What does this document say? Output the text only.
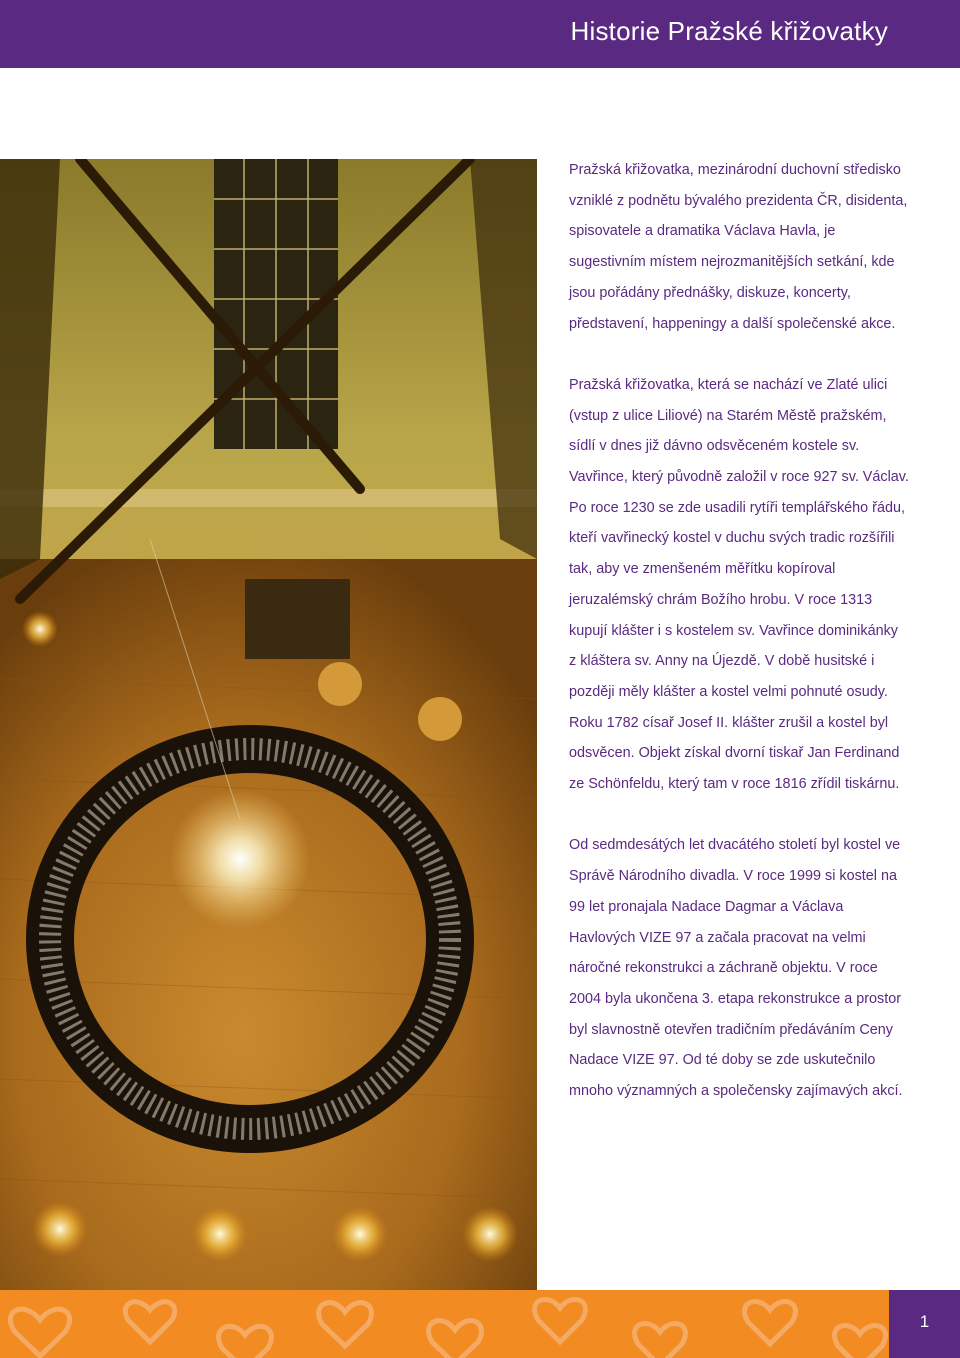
Historie Pražské křižovatky

Pražská křižovatka, mezinárodní duchovní středisko vzniklé z podnětu bývalého prezidenta ČR, disidenta, spisovatele a dramatika Václava Havla, je sugestivním místem nejrozmanitějších setkání, kde jsou pořádány přednášky, diskuze, koncerty, představení, happeningy a další společenské akce.

Pražská křižovatka, která se nachází ve Zlaté ulici (vstup z ulice Liliové) na Starém Městě pražském, sídlí v dnes již dávno odsvěceném kostele sv. Vavřince, který původně založil v roce 927 sv. Václav. Po roce 1230 se zde usadili rytíři templářského řádu, kteří vavřinecký kostel v duchu svých tradic rozšířili tak, aby ve zmenšeném měřítku kopíroval jeruzalémský chrám Božího hrobu. V roce 1313 kupují klášter i s kostelem sv. Vavřince dominikánky z kláštera sv. Anny na Újezdě. V době husitské i později měly klášter a kostel velmi pohnuté osudy. Roku 1782 císař Josef II. klášter zrušil a kostel byl odsvěcen. Objekt získal dvorní tiskař Jan Ferdinand ze Schönfeldu, který tam v roce 1816 zřídil tiskárnu.

Od sedmdesátých let dvacátého století byl kostel ve Správě Národního divadla. V roce 1999 si kostel na 99 let pronajala Nadace Dagmar a Václava Havlových VIZE 97 a začala pracovat na velmi náročné rekonstrukci a záchraně objektu. V roce 2004 byla ukončena 3. etapa rekonstrukce a prostor byl slavnostně otevřen tradičním předáváním Ceny Nadace VIZE 97. Od té doby se zde uskutečnilo mnoho významných a společensky zajímavých akcí.

1
